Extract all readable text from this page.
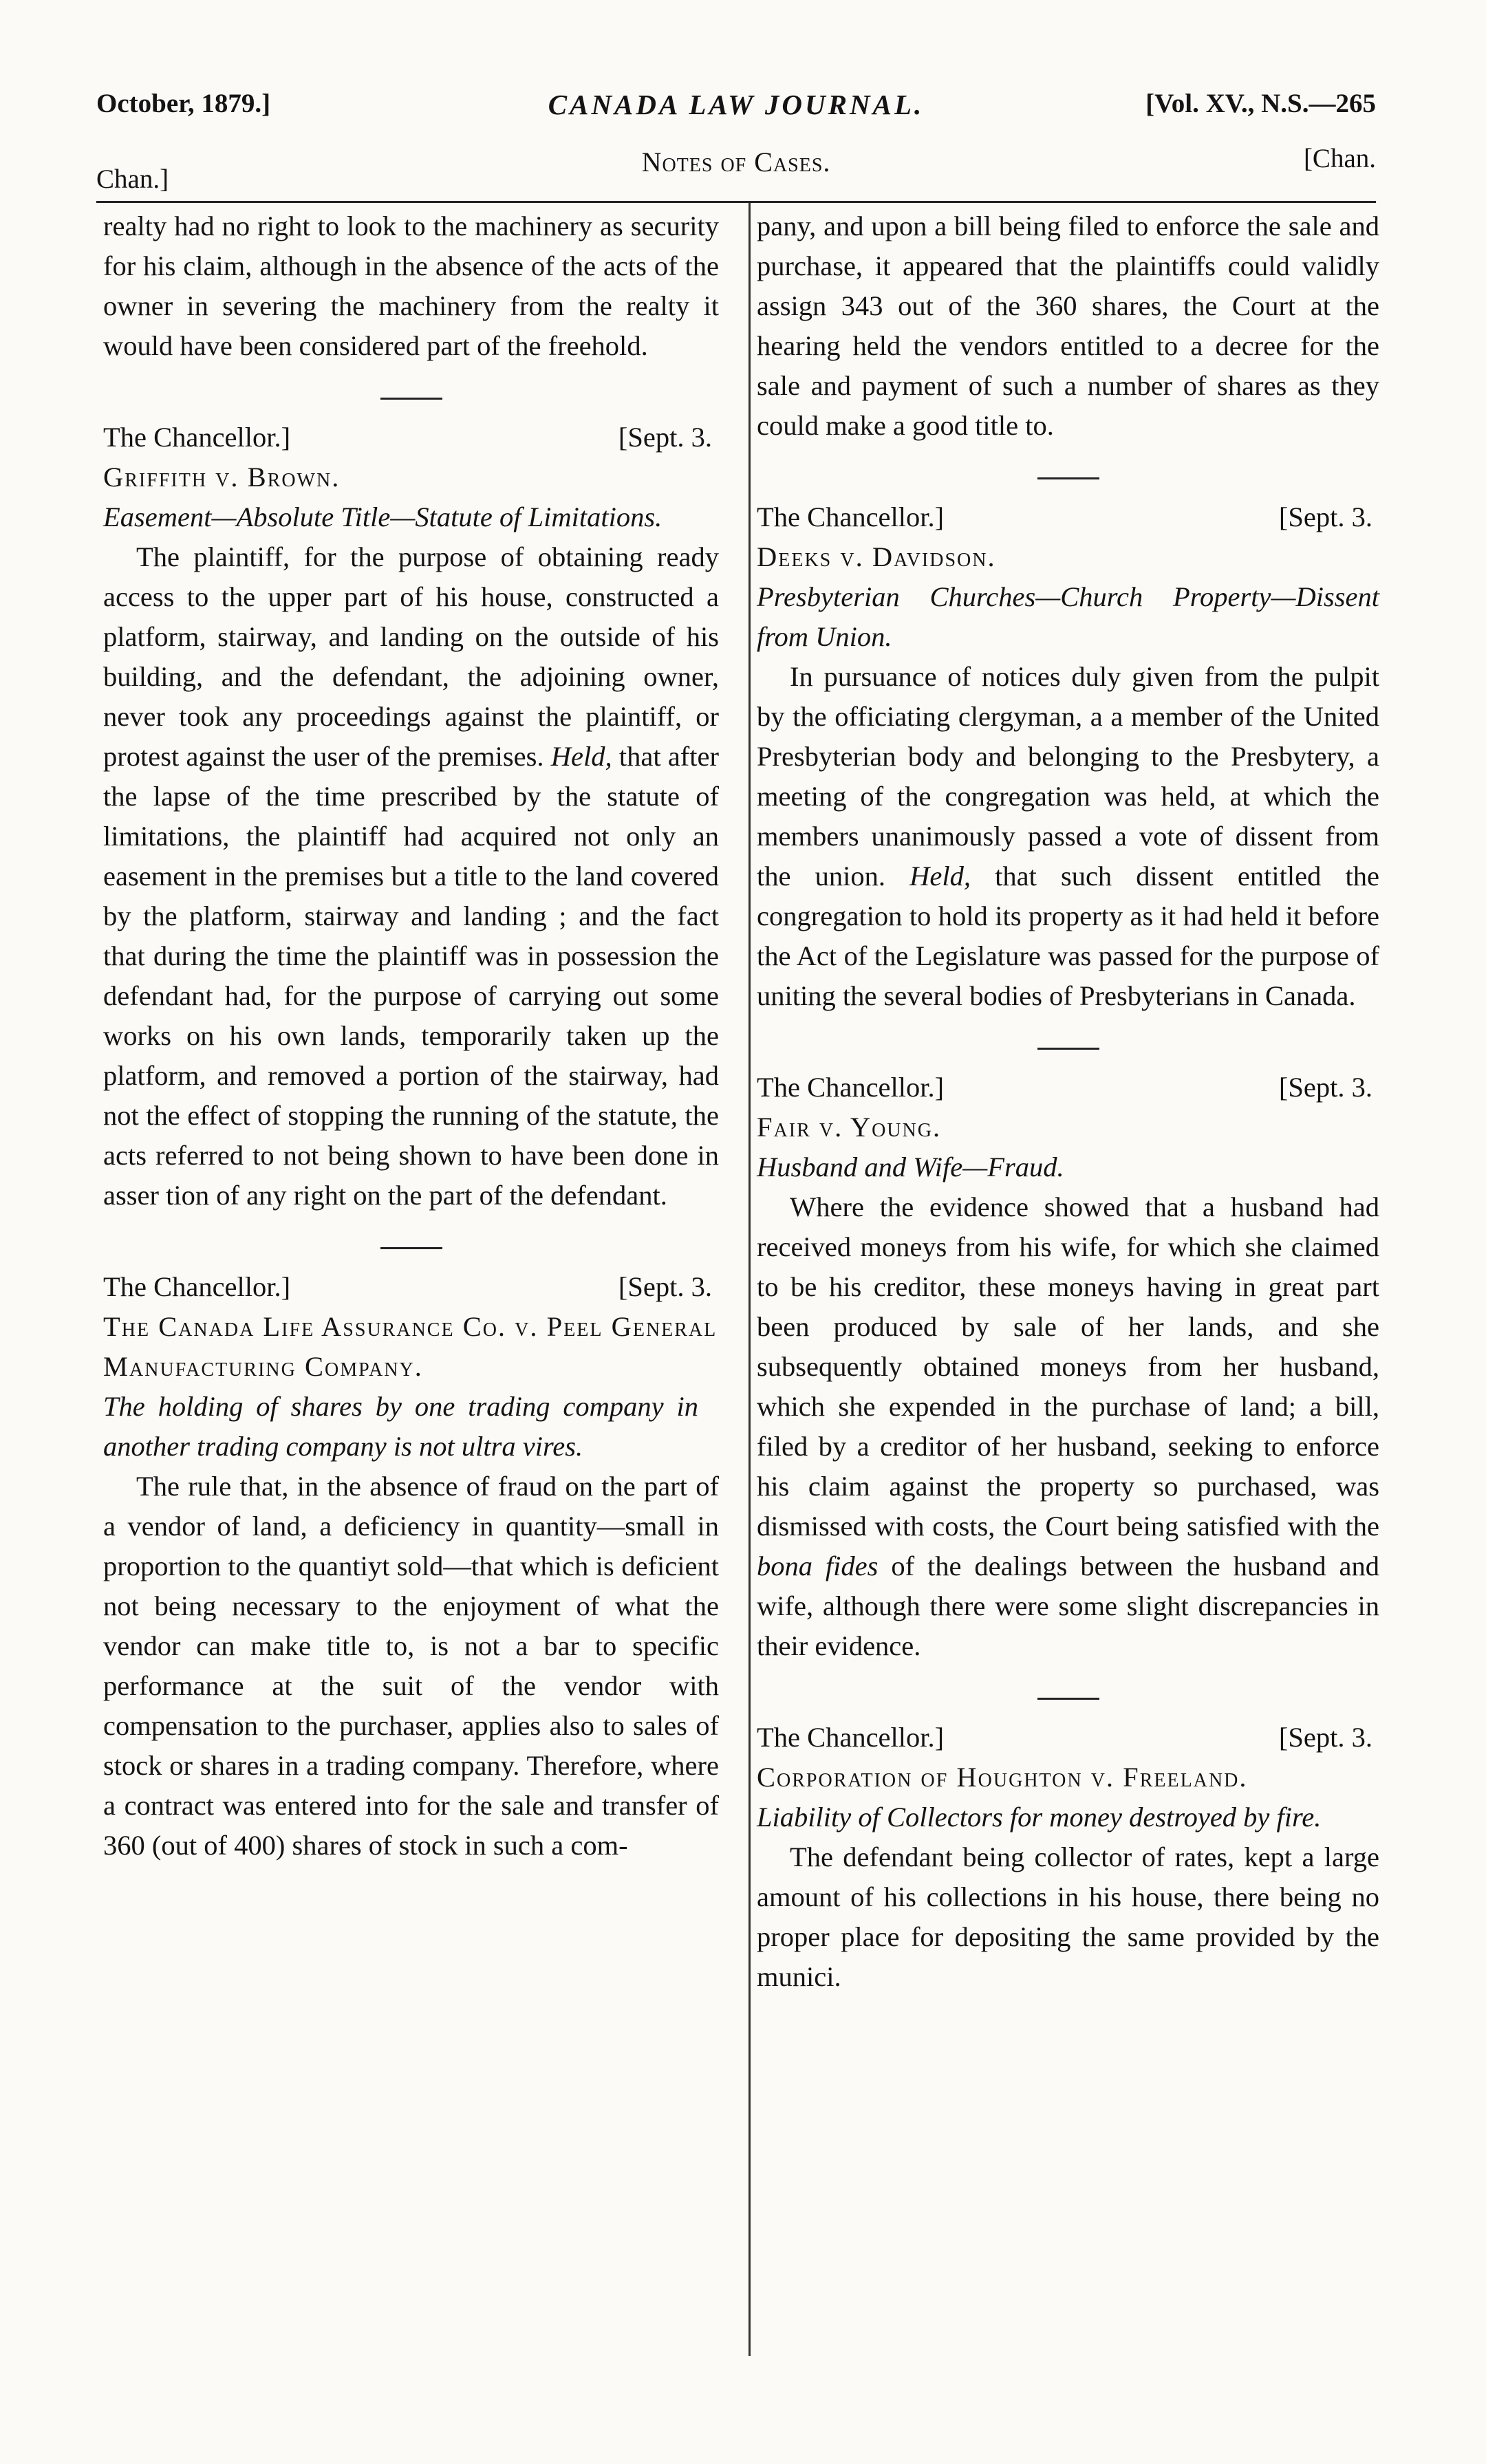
October, 1879.]	CANADA LAW JOURNAL.	[Vol. XV., N.S.—265
Chan.]
Notes of Cases.	[Chan.

realty had no right to look to the machinery as security for his claim, although in the absence of the acts of the owner in severing the machinery from the realty it would have been considered part of the freehold.

The Chancellor.]	[Sept. 3.

Griffith v. Brown.

Easement—Absolute Title—Statute of Limitations.

The plaintiff, for the purpose of obtaining ready access to the upper part of his house, constructed a platform, stairway, and landing on the outside of his building, and the defendant, the adjoining owner, never took any proceedings against the plaintiff, or protest against the user of the premises. Held, that after the lapse of the time prescribed by the statute of limitations, the plaintiff had acquired not only an easement in the premises but a title to the land covered by the platform, stairway and landing ; and the fact that during the time the plaintiff was in possession the defendant had, for the purpose of carrying out some works on his own lands, temporarily taken up the platform, and removed a portion of the stairway, had not the effect of stopping the running of the statute, the acts referred to not being shown to have been done in asser tion of any right on the part of the defendant.

The Chancellor.]	[Sept. 3.

The Canada Life Assurance Co. v. Peel General Manufacturing Company.

The holding of shares by one trading company in another trading company is not ultra vires.

The rule that, in the absence of fraud on the part of a vendor of land, a deficiency in quantity—small in proportion to the quantiyt sold—that which is deficient not being necessary to the enjoyment of what the vendor can make title to, is not a bar to specific performance at the suit of the vendor with compensation to the purchaser, applies also to sales of stock or shares in a trading company. Therefore, where a contract was entered into for the sale and transfer of 360 (out of 400) shares of stock in such a com-

pany, and upon a bill being filed to enforce the sale and purchase, it appeared that the plaintiffs could validly assign 343 out of the 360 shares, the Court at the hearing held the vendors entitled to a decree for the sale and payment of such a number of shares as they could make a good title to.

The Chancellor.]	[Sept. 3.

Deeks v. Davidson.

Presbyterian Churches—Church Property—Dissent from Union.

In pursuance of notices duly given from the pulpit by the officiating clergyman, a a member of the United Presbyterian body and belonging to the Presbytery, a meeting of the congregation was held, at which the members unanimously passed a vote of dissent from the union. Held, that such dissent entitled the congregation to hold its property as it had held it before the Act of the Legislature was passed for the purpose of uniting the several bodies of Presbyterians in Canada.

The Chancellor.]	[Sept. 3.

Fair v. Young.

Husband and Wife—Fraud.

Where the evidence showed that a husband had received moneys from his wife, for which she claimed to be his creditor, these moneys having in great part been produced by sale of her lands, and she subsequently obtained moneys from her husband, which she expended in the purchase of land; a bill, filed by a creditor of her husband, seeking to enforce his claim against the property so purchased, was dismissed with costs, the Court being satisfied with the bona fides of the dealings between the husband and wife, although there were some slight discrepancies in their evidence.

The Chancellor.]	[Sept. 3.

Corporation of Houghton v. Freeland.

Liability of Collectors for money destroyed by fire.

The defendant being collector of rates, kept a large amount of his collections in his house, there being no proper place for depositing the same provided by the munici.
